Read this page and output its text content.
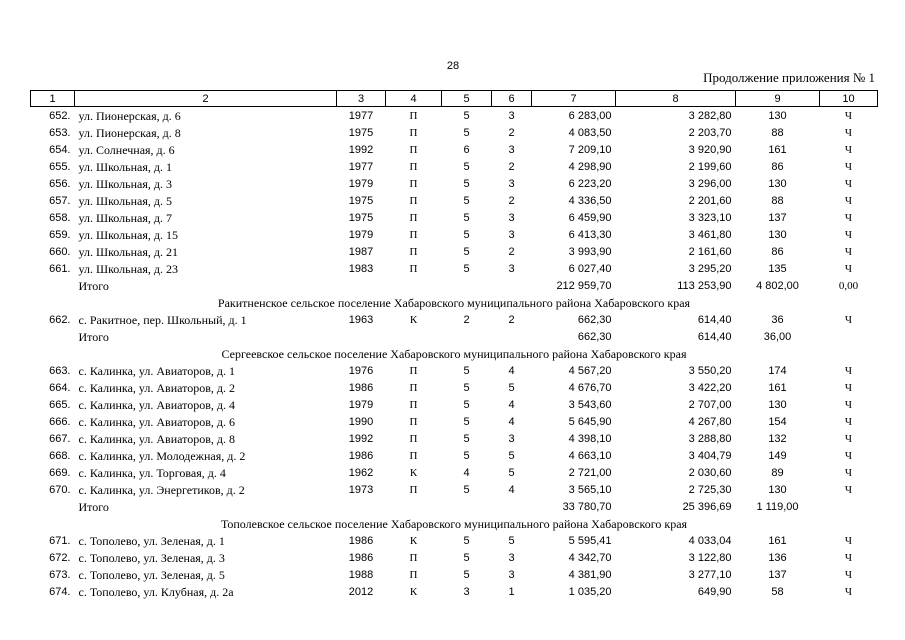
28
Продолжение приложения № 1
1	2	3	4	5	6	7	8	9	10
652.	ул. Пионерская, д. 6	1977	П	5	3	6 283,00	3 282,80	130	Ч
653.	ул. Пионерская, д. 8	1975	П	5	2	4 083,50	2 203,70	88	Ч
654.	ул. Солнечная, д. 6	1992	П	6	3	7 209,10	3 920,90	161	Ч
655.	ул. Школьная, д. 1	1977	П	5	2	4 298,90	2 199,60	86	Ч
656.	ул. Школьная, д. 3	1979	П	5	3	6 223,20	3 296,00	130	Ч
657.	ул. Школьная, д. 5	1975	П	5	2	4 336,50	2 201,60	88	Ч
658.	ул. Школьная, д. 7	1975	П	5	3	6 459,90	3 323,10	137	Ч
659.	ул. Школьная, д. 15	1979	П	5	3	6 413,30	3 461,80	130	Ч
660.	ул. Школьная, д. 21	1987	П	5	2	3 993,90	2 161,60	86	Ч
661.	ул. Школьная, д. 23	1983	П	5	3	6 027,40	3 295,20	135	Ч
	Итого					212 959,70	113 253,90	4 802,00	0,00
Ракитненское сельское поселение Хабаровского муниципального района Хабаровского края									
662.	с. Ракитное, пер. Школьный, д. 1	1963	К	2	2	662,30	614,40	36	Ч
	Итого					662,30	614,40	36,00	
Сергеевское сельское поселение Хабаровского муниципального района Хабаровского края									
663.	с. Калинка, ул. Авиаторов, д. 1	1976	П	5	4	4 567,20	3 550,20	174	Ч
664.	с. Калинка, ул. Авиаторов, д. 2	1986	П	5	5	4 676,70	3 422,20	161	Ч
665.	с. Калинка, ул. Авиаторов, д. 4	1979	П	5	4	3 543,60	2 707,00	130	Ч
666.	с. Калинка, ул. Авиаторов, д. 6	1990	П	5	4	5 645,90	4 267,80	154	Ч
667.	с. Калинка, ул. Авиаторов, д. 8	1992	П	5	3	4 398,10	3 288,80	132	Ч
668.	с. Калинка, ул. Молодежная, д. 2	1986	П	5	5	4 663,10	3 404,79	149	Ч
669.	с. Калинка, ул. Торговая, д. 4	1962	К	4	5	2 721,00	2 030,60	89	Ч
670.	с. Калинка, ул. Энергетиков, д. 2	1973	П	5	4	3 565,10	2 725,30	130	Ч
	Итого					33 780,70	25 396,69	1 119,00	
Тополевское сельское поселение Хабаровского муниципального района Хабаровского края									
671.	с. Тополево, ул. Зеленая, д. 1	1986	К	5	5	5 595,41	4 033,04	161	Ч
672.	с. Тополево, ул. Зеленая, д. 3	1986	П	5	3	4 342,70	3 122,80	136	Ч
673.	с. Тополево, ул. Зеленая, д. 5	1988	П	5	3	4 381,90	3 277,10	137	Ч
674.	с. Тополево, ул. Клубная, д. 2а	2012	К	3	1	1 035,20	649,90	58	Ч
